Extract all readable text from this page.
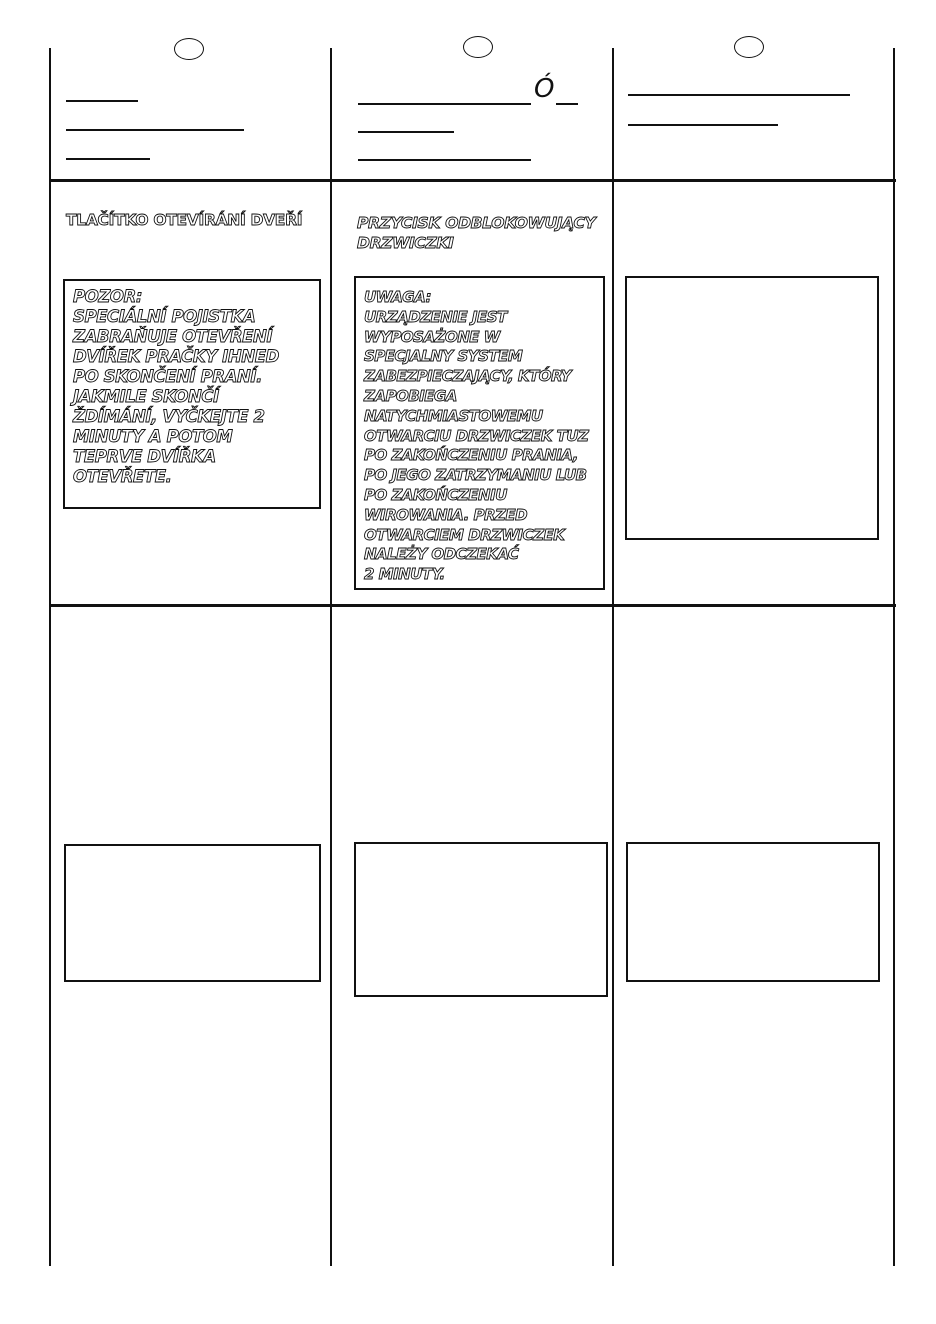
Ó
TLAČÍTKO OTEVÍRÁNÍ DVEŘÍ
POZOR:
SPECIÁLNÍ POJISTKA
ZABRAŇUJE OTEVŘENÍ
DVÍŘEK PRAČKY IHNED
PO SKONČENÍ PRANÍ.
JAKMILE SKONČÍ
ŽDÍMÁNÍ, VYČKEJTE 2
MINUTY A POTOM
TEPRVE DVÍŘKA
OTEVŘETE.
PRZYCISK ODBLOKOWUJĄCY
DRZWICZKI
UWAGA:
URZĄDZENIE JEST
WYPOSAŻONE W
SPECJALNY SYSTEM
ZABEZPIECZAJĄCY, KTÓRY
ZAPOBIEGA
NATYCHMIASTOWEMU
OTWARCIU DRZWICZEK TUZ
PO ZAKOŃCZENIU PRANIA,
PO JEGO ZATRZYMANIU LUB
PO ZAKOŃCZENIU
WIROWANIA. PRZED
OTWARCIEM DRZWICZEK
NALEŻY ODCZEKAĆ
2 MINUTY.
